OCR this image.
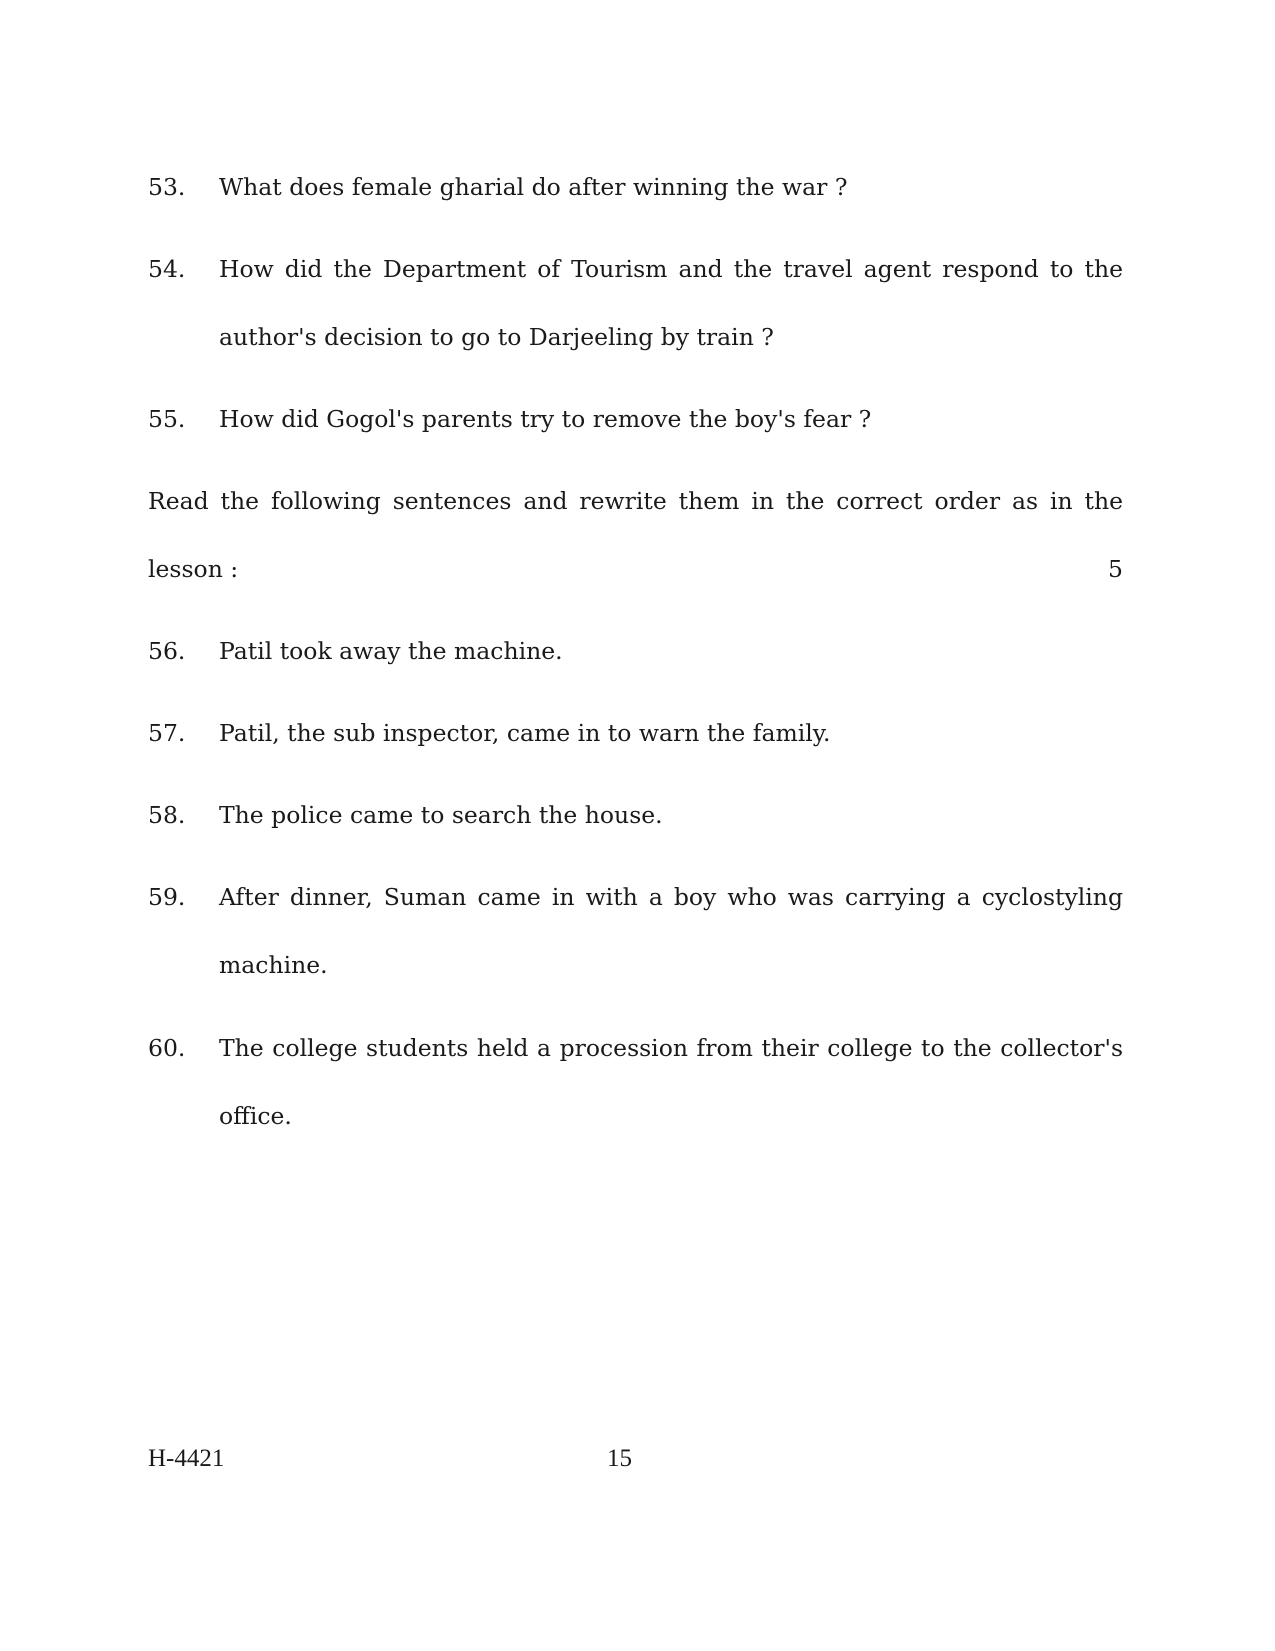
53. What does female gharial do after winning the war ?
54. How did the Department of Tourism and the travel agent respond to the
author's decision to go to Darjeeling by train ?
55. How did Gogol's parents try to remove the boy's fear ?
Read the following sentences and rewrite them in the correct order as in the
lesson :	5
56. Patil took away the machine.
57. Patil, the sub inspector, came in to warn the family.
58. The police came to search the house.
59. After dinner, Suman came in with a boy who was carrying a cyclostyling
machine.
60. The college students held a procession from their college to the collector's
office.
H-4421	15
